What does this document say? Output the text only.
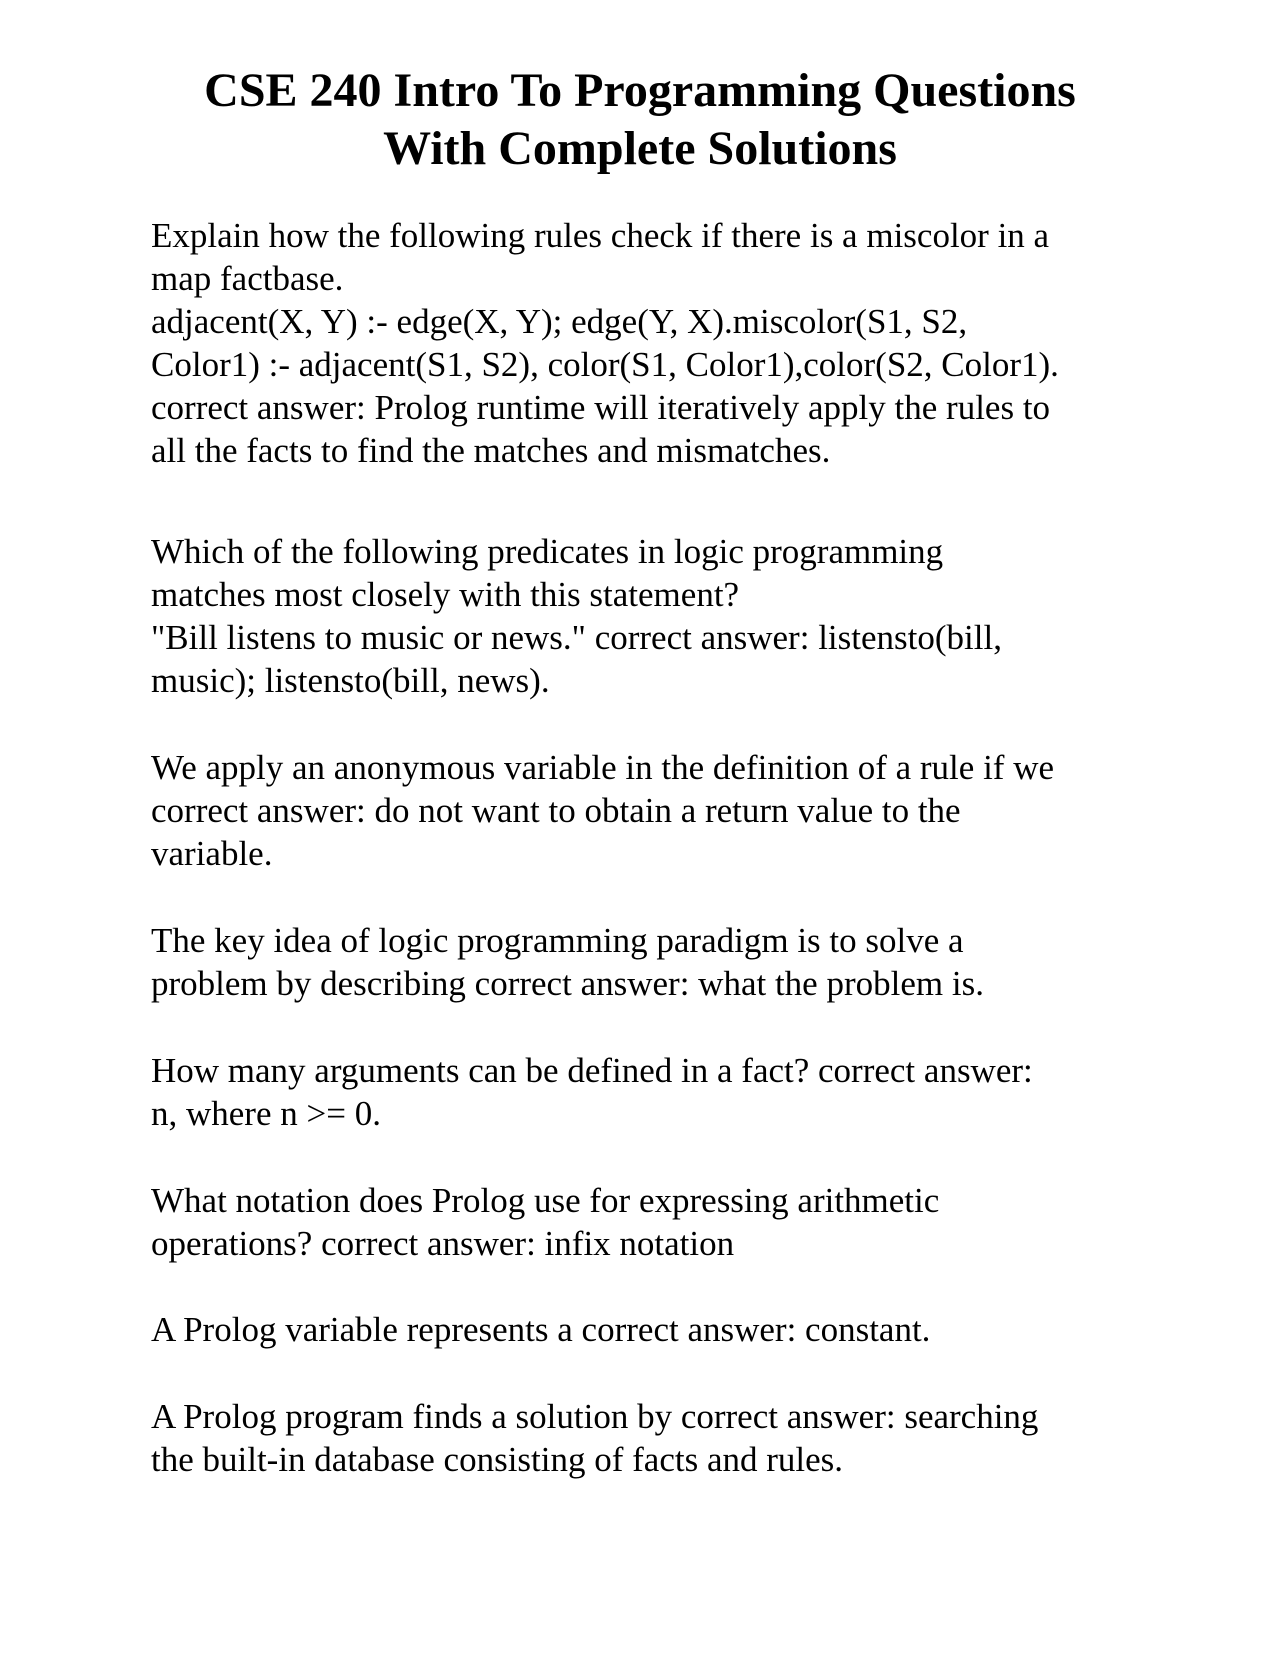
CSE 240 Intro To Programming Questions
With Complete Solutions
Explain how the following rules check if there is a miscolor in a
map factbase.
adjacent(X, Y) :- edge(X, Y); edge(Y, X).miscolor(S1, S2,
Color1) :- adjacent(S1, S2), color(S1, Color1),color(S2, Color1).
correct answer: Prolog runtime will iteratively apply the rules to
all the facts to find the matches and mismatches.
Which of the following predicates in logic programming
matches most closely with this statement?
"Bill listens to music or news." correct answer: listensto(bill,
music); listensto(bill, news).
We apply an anonymous variable in the definition of a rule if we
correct answer: do not want to obtain a return value to the
variable.
The key idea of logic programming paradigm is to solve a
problem by describing correct answer: what the problem is.
How many arguments can be defined in a fact? correct answer:
n, where n >= 0.
What notation does Prolog use for expressing arithmetic
operations? correct answer: infix notation
A Prolog variable represents a correct answer: constant.
A Prolog program finds a solution by correct answer: searching
the built-in database consisting of facts and rules.
